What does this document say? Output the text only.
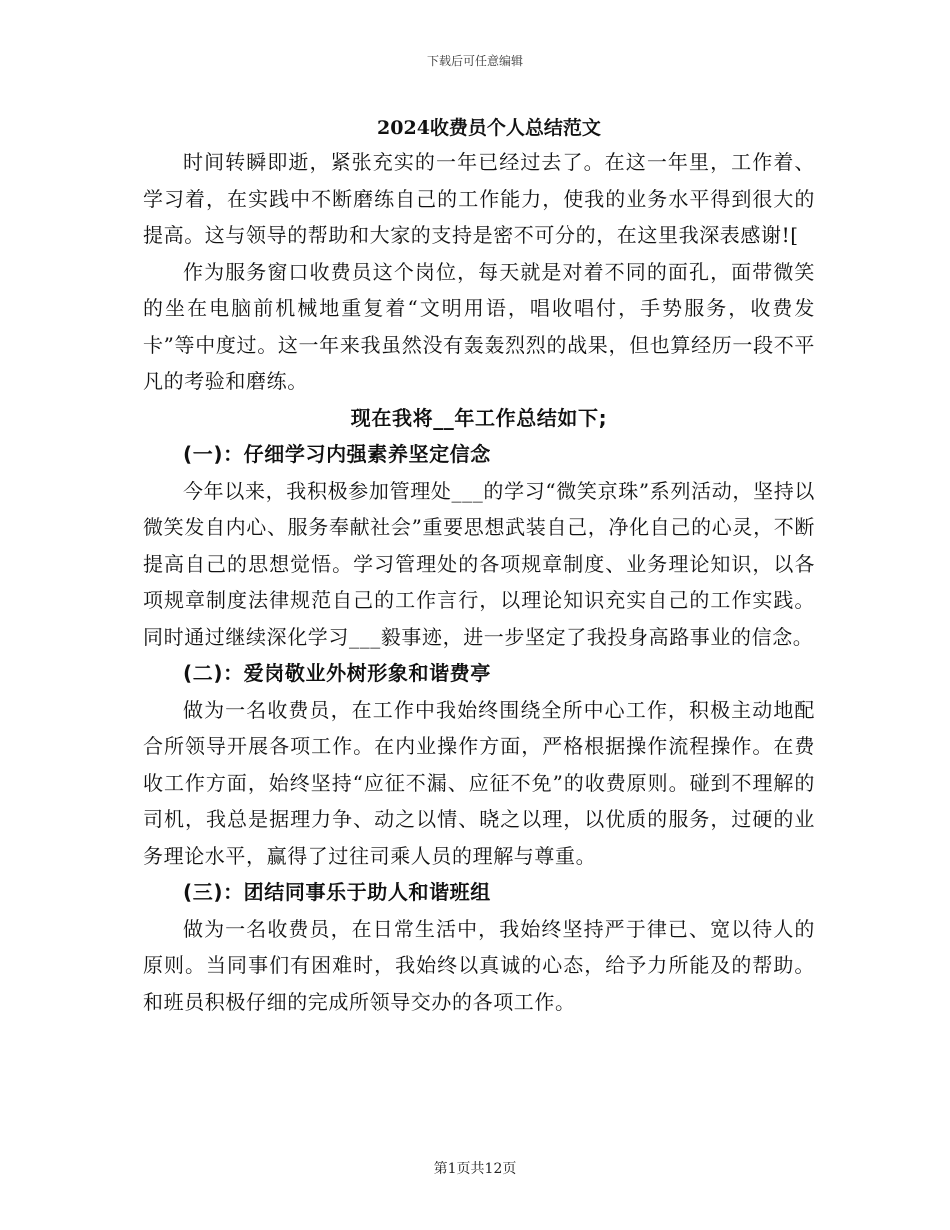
下载后可任意编辑
2024收费员个人总结范文

时间转瞬即逝，紧张充实的一年已经过去了。在这一年里，工作着、学习着，在实践中不断磨练自己的工作能力，使我的业务水平得到很大的提高。这与领导的帮助和大家的支持是密不可分的，在这里我深表感谢![

作为服务窗口收费员这个岗位，每天就是对着不同的面孔，面带微笑的坐在电脑前机械地重复着“文明用语，唱收唱付，手势服务，收费发卡”等中度过。这一年来我虽然没有轰轰烈烈的战果，但也算经历一段不平凡的考验和磨练。

现在我将__年工作总结如下;

(一)：仔细学习内强素养坚定信念

今年以来，我积极参加管理处___的学习“微笑京珠”系列活动，坚持以微笑发自内心、服务奉献社会”重要思想武装自己，净化自己的心灵，不断提高自己的思想觉悟。学习管理处的各项规章制度、业务理论知识，以各项规章制度法律规范自己的工作言行，以理论知识充实自己的工作实践。同时通过继续深化学习___毅事迹，进一步坚定了我投身高路事业的信念。

(二)：爱岗敬业外树形象和谐费亭

做为一名收费员，在工作中我始终围绕全所中心工作，积极主动地配合所领导开展各项工作。在内业操作方面，严格根据操作流程操作。在费收工作方面，始终坚持“应征不漏、应征不免”的收费原则。碰到不理解的司机，我总是据理力争、动之以情、晓之以理，以优质的服务，过硬的业务理论水平，赢得了过往司乘人员的理解与尊重。

(三)：团结同事乐于助人和谐班组

做为一名收费员，在日常生活中，我始终坚持严于律已、宽以待人的原则。当同事们有困难时，我始终以真诚的心态，给予力所能及的帮助。和班员积极仔细的完成所领导交办的各项工作。

第1页共12页
